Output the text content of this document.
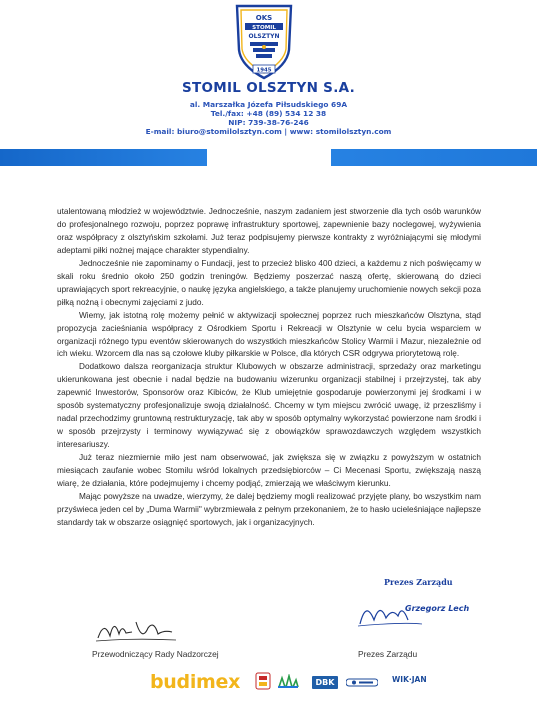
OKS
STOMIL
OLSZTYN
1945
STOMIL OLSZTYN S.A.
al. Marszałka Józefa Piłsudskiego 69A
Tel./fax: +48 (89) 534 12 38
NIP: 739-38-76-246
E-mail: biuro@stomilolsztyn.com | www: stomilolsztyn.com

utalentowaną młodzież w województwie. Jednocześnie, naszym zadaniem jest stworzenie dla tych osób warunków do profesjonalnego rozwoju, poprzez poprawę infrastruktury sportowej, zapewnienie bazy noclegowej, wyżywienia oraz współpracy z olsztyńskim szkołami. Już teraz podpisujemy pierwsze kontrakty z wyróżniającymi się młodymi adeptami piłki nożnej mające charakter stypendialny.

Jednocześnie nie zapominamy o Fundacji, jest to przecież blisko 400 dzieci, a każdemu z nich poświęcamy w skali roku średnio około 250 godzin treningów. Będziemy poszerzać naszą ofertę, skierowaną do dzieci uprawiających sport rekreacyjnie, o naukę języka angielskiego, a także planujemy uruchomienie nowych sekcji poza piłką nożną i obecnymi zajęciami z judo.

Wiemy, jak istotną rolę możemy pełnić w aktywizacji społecznej poprzez ruch mieszkańców Olsztyna, stąd propozycja zacieśniania współpracy z Ośrodkiem Sportu i Rekreacji w Olsztynie w celu bycia wsparciem w organizacji różnego typu eventów skierowanych do wszystkich mieszkańców Stolicy Warmii i Mazur, niezależnie od ich wieku. Wzorcem dla nas są czołowe kluby piłkarskie w Polsce, dla których CSR odgrywa priorytetową rolę.

Dodatkowo dalsza reorganizacja struktur Klubowych w obszarze administracji, sprzedaży oraz marketingu ukierunkowana jest obecnie i nadal będzie na budowaniu wizerunku organizacji stabilnej i przejrzystej, tak aby zapewnić Inwestorów, Sponsorów oraz Kibiców, że Klub umiejętnie gospodaruje powierzonymi jej środkami i w sposób systematyczny profesjonalizuje swoją działalność. Chcemy w tym miejscu zwrócić uwagę, iż przeszliśmy i nadal przechodzimy gruntowną restrukturyzację, tak aby w sposób optymalny wykorzystać powierzone nam środki i w sposób przejrzysty i terminowy wywiązywać się z obowiązków sprawozdawczych względem wszystkich interesariuszy.

Już teraz niezmiernie miło jest nam obserwować, jak zwiększa się w związku z powyższym w ostatnich miesiącach zaufanie wobec Stomilu wśród lokalnych przedsiębiorców – Ci Mecenasi Sportu, zwiększają naszą wiarę, że działania, które podejmujemy i chcemy podjąć, zmierzają we właściwym kierunku.

Mając powyższe na uwadze, wierzymy, że dalej będziemy mogli realizować przyjęte plany, bo wszystkim nam przyświeca jeden cel by „Duma Warmii" wybrzmiewała z pełnym przekonaniem, że to hasło ucieleśniające najlepsze standardy tak w obszarze osiągnięć sportowych, jak i organizacyjnych.

Prezes Zarządu
Grzegorz Lech
Przewodniczący Rady Nadzorczej	Prezes Zarządu
budimex	DBK	WIK·JAN
